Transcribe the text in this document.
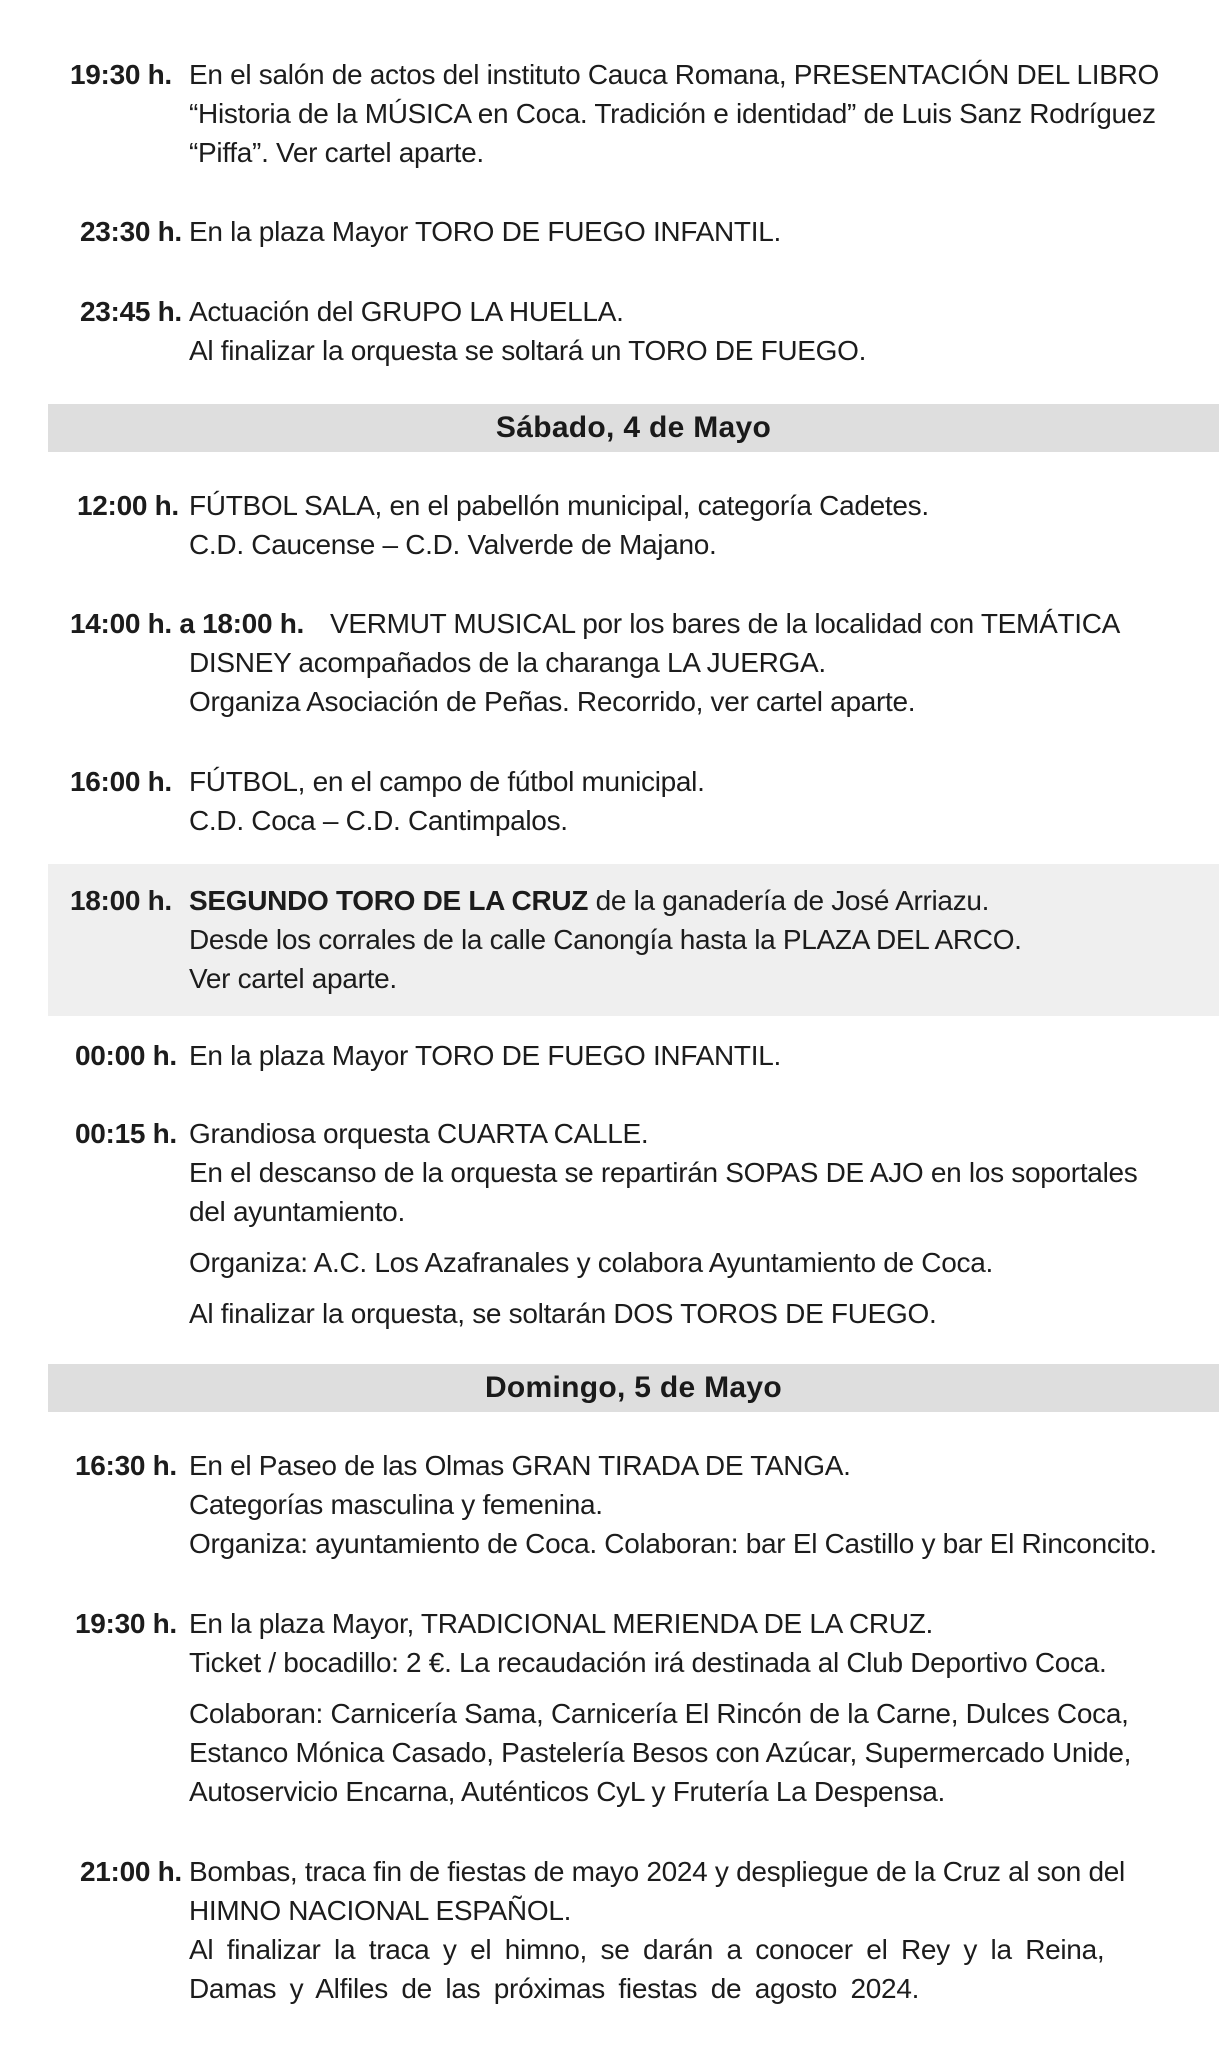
19:30 h. En el salón de actos del instituto Cauca Romana, PRESENTACIÓN DEL LIBRO
“Historia de la MÚSICA en Coca. Tradición e identidad” de Luis Sanz Rodríguez
“Piffa”. Ver cartel aparte.
23:30 h. En la plaza Mayor TORO DE FUEGO INFANTIL.
23:45 h. Actuación del GRUPO LA HUELLA.
Al finalizar la orquesta se soltará un TORO DE FUEGO.
Sábado, 4 de Mayo
12:00 h. FÚTBOL SALA, en el pabellón municipal, categoría Cadetes.
C.D. Caucense – C.D. Valverde de Majano.
14:00 h. a 18:00 h. VERMUT MUSICAL por los bares de la localidad con TEMÁTICA
DISNEY acompañados de la charanga LA JUERGA.
Organiza Asociación de Peñas. Recorrido, ver cartel aparte.
16:00 h. FÚTBOL, en el campo de fútbol municipal.
C.D. Coca – C.D. Cantimpalos.
18:00 h. SEGUNDO TORO DE LA CRUZ de la ganadería de José Arriazu.
Desde los corrales de la calle Canongía hasta la PLAZA DEL ARCO.
Ver cartel aparte.
00:00 h. En la plaza Mayor TORO DE FUEGO INFANTIL.
00:15 h. Grandiosa orquesta CUARTA CALLE.
En el descanso de la orquesta se repartirán SOPAS DE AJO en los soportales
del ayuntamiento.
Organiza: A.C. Los Azafranales y colabora Ayuntamiento de Coca.
Al finalizar la orquesta, se soltarán DOS TOROS DE FUEGO.
Domingo, 5 de Mayo
16:30 h. En el Paseo de las Olmas GRAN TIRADA DE TANGA.
Categorías masculina y femenina.
Organiza: ayuntamiento de Coca. Colaboran: bar El Castillo y bar El Rinconcito.
19:30 h. En la plaza Mayor, TRADICIONAL MERIENDA DE LA CRUZ.
Ticket / bocadillo: 2 €. La recaudación irá destinada al Club Deportivo Coca.
Colaboran: Carnicería Sama, Carnicería El Rincón de la Carne, Dulces Coca,
Estanco Mónica Casado, Pastelería Besos con Azúcar, Supermercado Unide,
Autoservicio Encarna, Auténticos CyL y Frutería La Despensa.
21:00 h. Bombas, traca fin de fiestas de mayo 2024 y despliegue de la Cruz al son del
HIMNO NACIONAL ESPAÑOL.
Al finalizar la traca y el himno, se darán a conocer el Rey y la Reina,
Damas y Alfiles de las próximas fiestas de agosto 2024.
